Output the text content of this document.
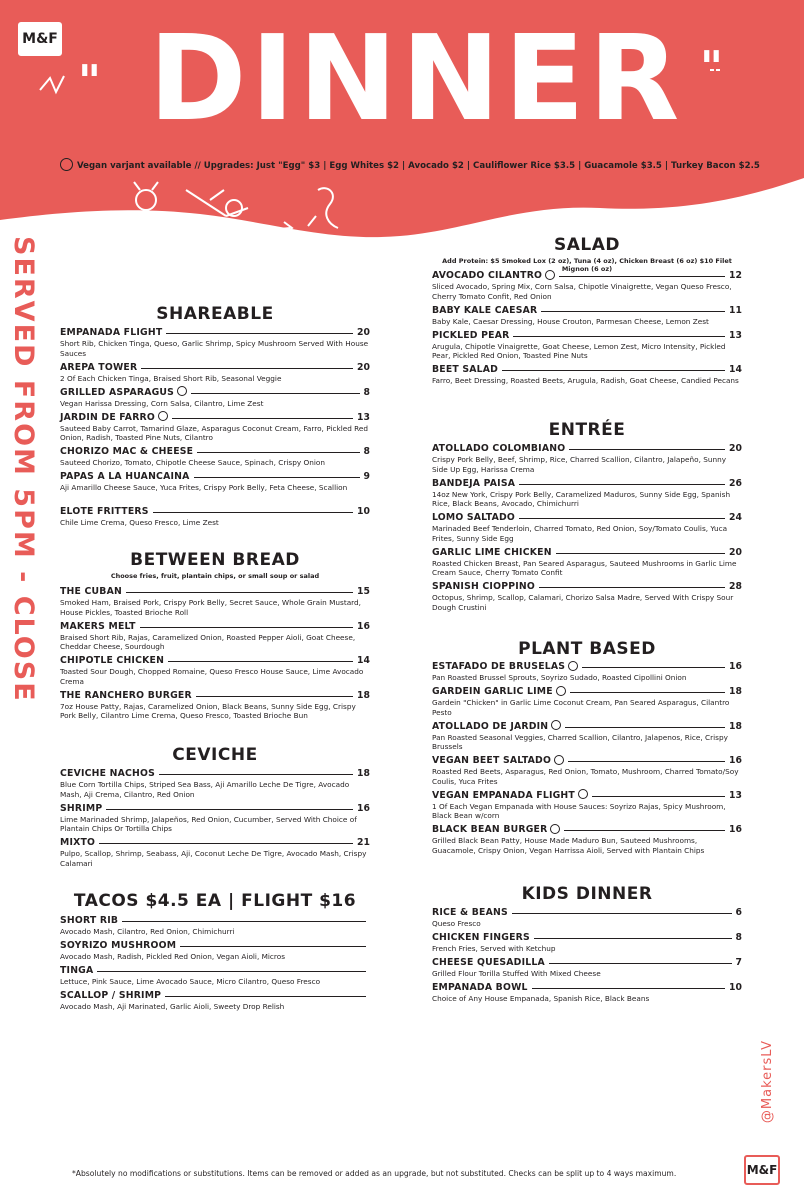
M&F
" DINNER "
Vegan varjant available // Upgrades: Just "Egg" $3 | Egg Whites $2 | Avocado $2 | Cauliflower Rice $3.5 | Guacamole $3.5 | Turkey Bacon $2.5
SERVED FROM 5PM - CLOSE	SHAREABLE
BETWEEN BREAD
Choose fries, fruit, plantain chips, or small soup or salad
CEVICHE
TACOS $4.5 EA | FLIGHT $16
SALAD
Add Protein: $5 Smoked Lox (2 oz), Tuna (4 oz), Chicken Breast (6 oz) $10 Filet Mignon (6 oz)
ENTRÉE
PLANT BASED
KIDS DINNER
*Absolutely no modifications or substitutions. Items can be removed or added as an upgrade, but not substituted. Checks can be split up to 4 ways maximum.
@MakersLV
M&F
EMPANADA FLIGHT	20
Short Rib, Chicken Tinga, Queso, Garlic Shrimp, Spicy Mushroom Served With House Sauces
AREPA TOWER	20
2 Of Each Chicken Tinga, Braised Short Rib, Seasonal Veggie
GRILLED ASPARAGUS	8
Vegan Harissa Dressing, Corn Salsa, Cilantro, Lime Zest
JARDIN DE FARRO	13
Sauteed Baby Carrot, Tamarind Glaze, Asparagus Coconut Cream, Farro, Pickled Red Onion, Radish, Toasted Pine Nuts, Cilantro
CHORIZO MAC & CHEESE	8
Sauteed Chorizo, Tomato, Chipotle Cheese Sauce, Spinach, Crispy Onion
PAPAS A LA HUANCAINA	9
Aji Amarillo Cheese Sauce, Yuca Frites, Crispy Pork Belly, Feta Cheese, Scallion
ELOTE FRITTERS	10
Chile Lime Crema, Queso Fresco, Lime Zest
THE CUBAN	15
Smoked Ham, Braised Pork, Crispy Pork Belly, Secret Sauce, Whole Grain Mustard, House Pickles, Toasted Brioche Roll
MAKERS MELT	16
Braised Short Rib, Rajas, Caramelized Onion, Roasted Pepper Aioli, Goat Cheese, Cheddar Cheese, Sourdough
CHIPOTLE CHICKEN	14
Toasted Sour Dough, Chopped Romaine, Queso Fresco House Sauce, Lime Avocado Crema
THE RANCHERO BURGER	18
7oz House Patty, Rajas, Caramelized Onion, Black Beans, Sunny Side Egg, Crispy Pork Belly, Cilantro Lime Crema, Queso Fresco, Toasted Brioche Bun
CEVICHE NACHOS	18
Blue Corn Tortilla Chips, Striped Sea Bass, Aji Amarillo Leche De Tigre, Avocado Mash, Aji Crema, Cilantro, Red Onion
SHRIMP	16
Lime Marinaded Shrimp, Jalapeños, Red Onion, Cucumber, Served With Choice of Plantain Chips Or Tortilla Chips
MIXTO	21
Pulpo, Scallop, Shrimp, Seabass, Aji, Coconut Leche De Tigre, Avocado Mash, Crispy Calamari
SHORT RIB
Avocado Mash, Cilantro, Red Onion, Chimichurri
SOYRIZO MUSHROOM
Avocado Mash, Radish, Pickled Red Onion, Vegan Aioli, Micros
TINGA
Lettuce, Pink Sauce, Lime Avocado Sauce, Micro Cilantro, Queso Fresco
SCALLOP / SHRIMP
Avocado Mash, Aji Marinated, Garlic Aioli, Sweety Drop Relish
AVOCADO CILANTRO	12
Sliced Avocado, Spring Mix, Corn Salsa, Chipotle Vinaigrette, Vegan Queso Fresco, Cherry Tomato Confit, Red Onion
BABY KALE CAESAR	11
Baby Kale, Caesar Dressing, House Crouton, Parmesan Cheese, Lemon Zest
PICKLED PEAR	13
Arugula, Chipotle Vinaigrette, Goat Cheese, Lemon Zest, Micro Intensity, Pickled Pear, Pickled Red Onion, Toasted Pine Nuts
BEET SALAD	14
Farro, Beet Dressing, Roasted Beets, Arugula, Radish, Goat Cheese, Candied Pecans
ATOLLADO COLOMBIANO	20
Crispy Pork Belly, Beef, Shrimp, Rice, Charred Scallion, Cilantro, Jalapeño, Sunny Side Up Egg, Harissa Crema
BANDEJA PAISA	26
14oz New York, Crispy Pork Belly, Caramelized Maduros, Sunny Side Egg, Spanish Rice, Black Beans, Avocado, Chimichurri
LOMO SALTADO	24
Marinaded Beef Tenderloin, Charred Tomato, Red Onion, Soy/Tomato Coulis, Yuca Frites, Sunny Side Egg
GARLIC LIME CHICKEN	20
Roasted Chicken Breast, Pan Seared Asparagus, Sauteed Mushrooms in Garlic Lime Cream Sauce, Cherry Tomato Confit
SPANISH CIOPPINO	28
Octopus, Shrimp, Scallop, Calamari, Chorizo Salsa Madre, Served With Crispy Sour Dough Crustini
ESTAFADO DE BRUSELAS	16
Pan Roasted Brussel Sprouts, Soyrizo Sudado, Roasted Cipollini Onion
GARDEIN GARLIC LIME	18
Gardein "Chicken" in Garlic Lime Coconut Cream, Pan Seared Asparagus, Cilantro Pesto
ATOLLADO DE JARDIN	18
Pan Roasted Seasonal Veggies, Charred Scallion, Cilantro, Jalapenos, Rice, Crispy Brussels
VEGAN BEET SALTADO	16
Roasted Red Beets, Asparagus, Red Onion, Tomato, Mushroom, Charred Tomato/Soy Coulis, Yuca Frites
VEGAN EMPANADA FLIGHT	13
1 Of Each Vegan Empanada with House Sauces: Soyrizo Rajas, Spicy Mushroom, Black Bean w/corn
BLACK BEAN BURGER	16
Grilled Black Bean Patty, House Made Maduro Bun, Sauteed Mushrooms, Guacamole, Crispy Onion, Vegan Harrissa Aioli, Served with Plantain Chips
RICE & BEANS	6
Queso Fresco
CHICKEN FINGERS	8
French Fries, Served with Ketchup
CHEESE QUESADILLA	7
Grilled Flour Torilla Stuffed With Mixed Cheese
EMPANADA BOWL	10
Choice of Any House Empanada, Spanish Rice, Black Beans
